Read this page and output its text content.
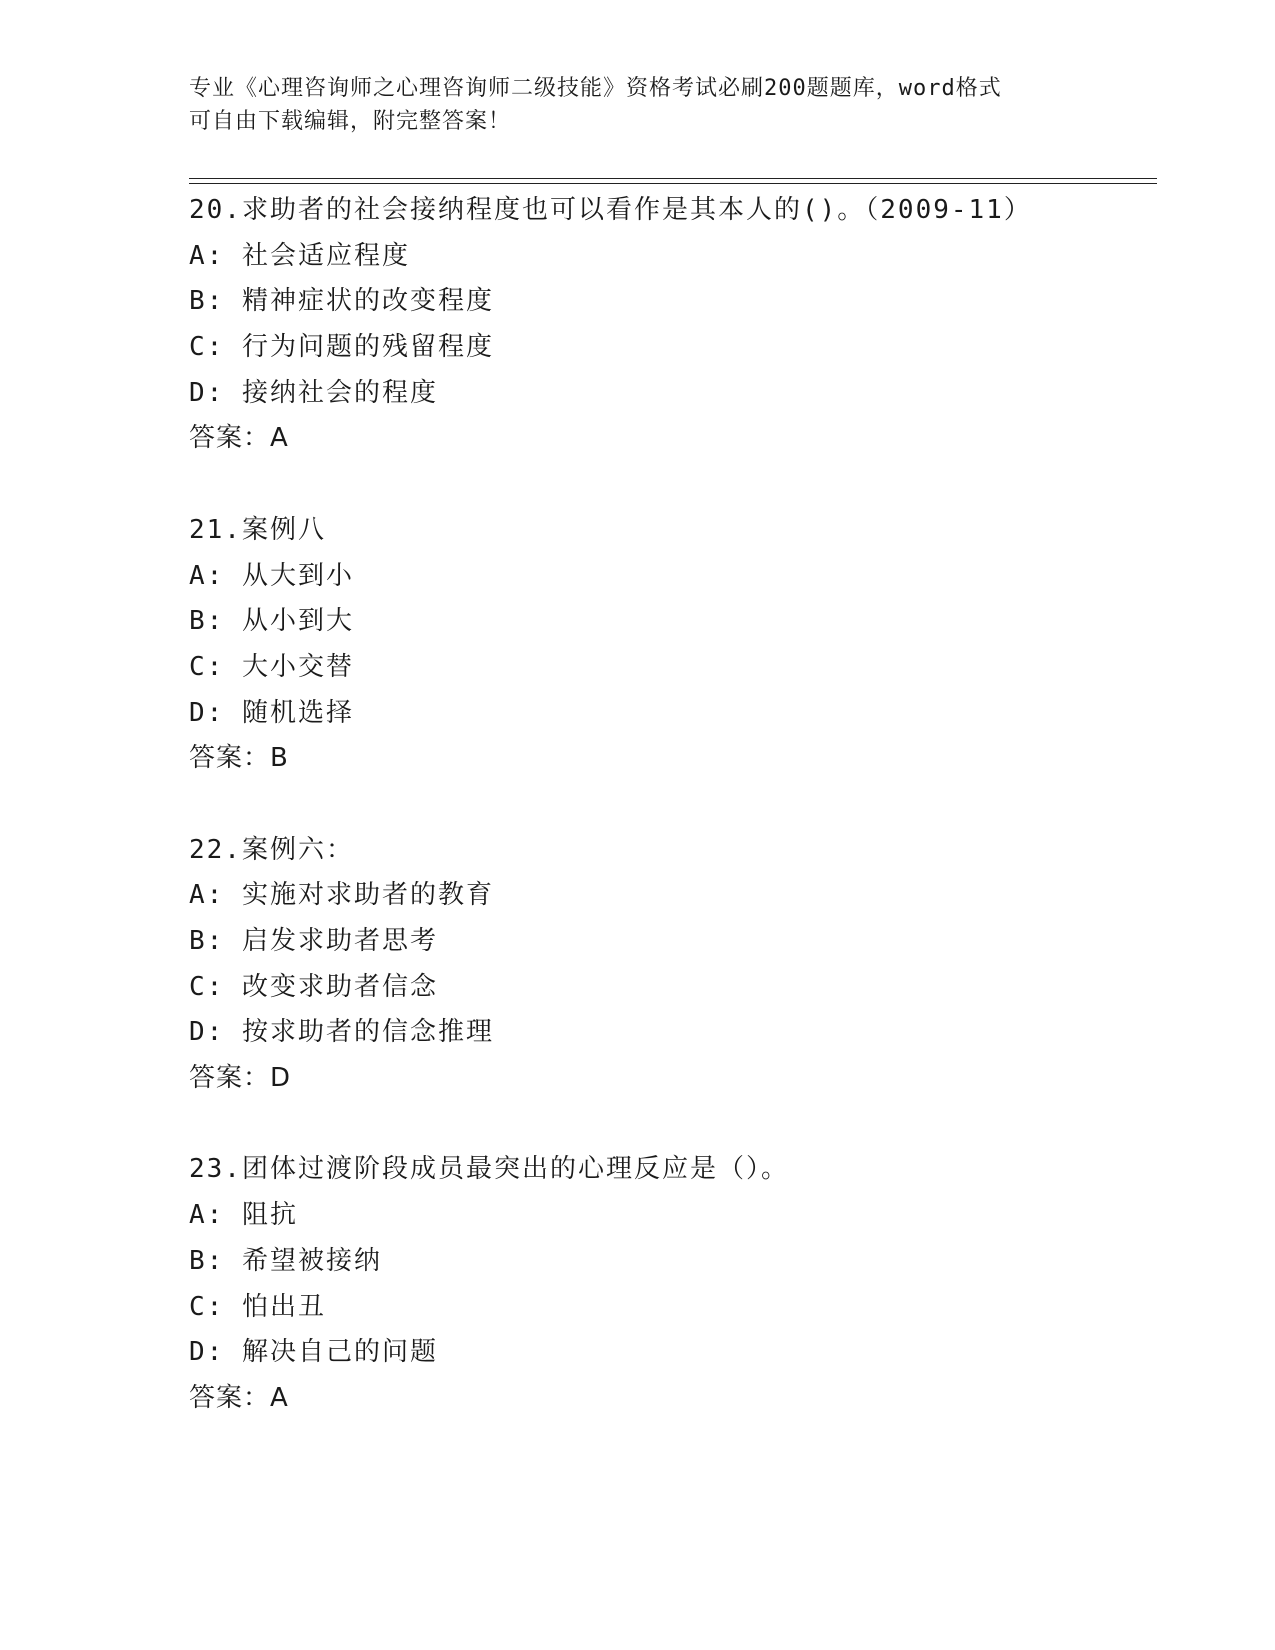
专业《心理咨询师之心理咨询师二级技能》资格考试必刷200题题库，word格式
可自由下载编辑，附完整答案！
20.求助者的社会接纳程度也可以看作是其本人的()。（2009-11）
A: 社会适应程度
B: 精神症状的改变程度
C: 行为问题的残留程度
D: 接纳社会的程度
答案：A
21.案例八
A: 从大到小
B: 从小到大
C: 大小交替
D: 随机选择
答案：B
22.案例六：
A: 实施对求助者的教育
B: 启发求助者思考
C: 改变求助者信念
D: 按求助者的信念推理
答案：D
23.团体过渡阶段成员最突出的心理反应是（）。
A: 阻抗
B: 希望被接纳
C: 怕出丑
D: 解决自己的问题
答案：A
